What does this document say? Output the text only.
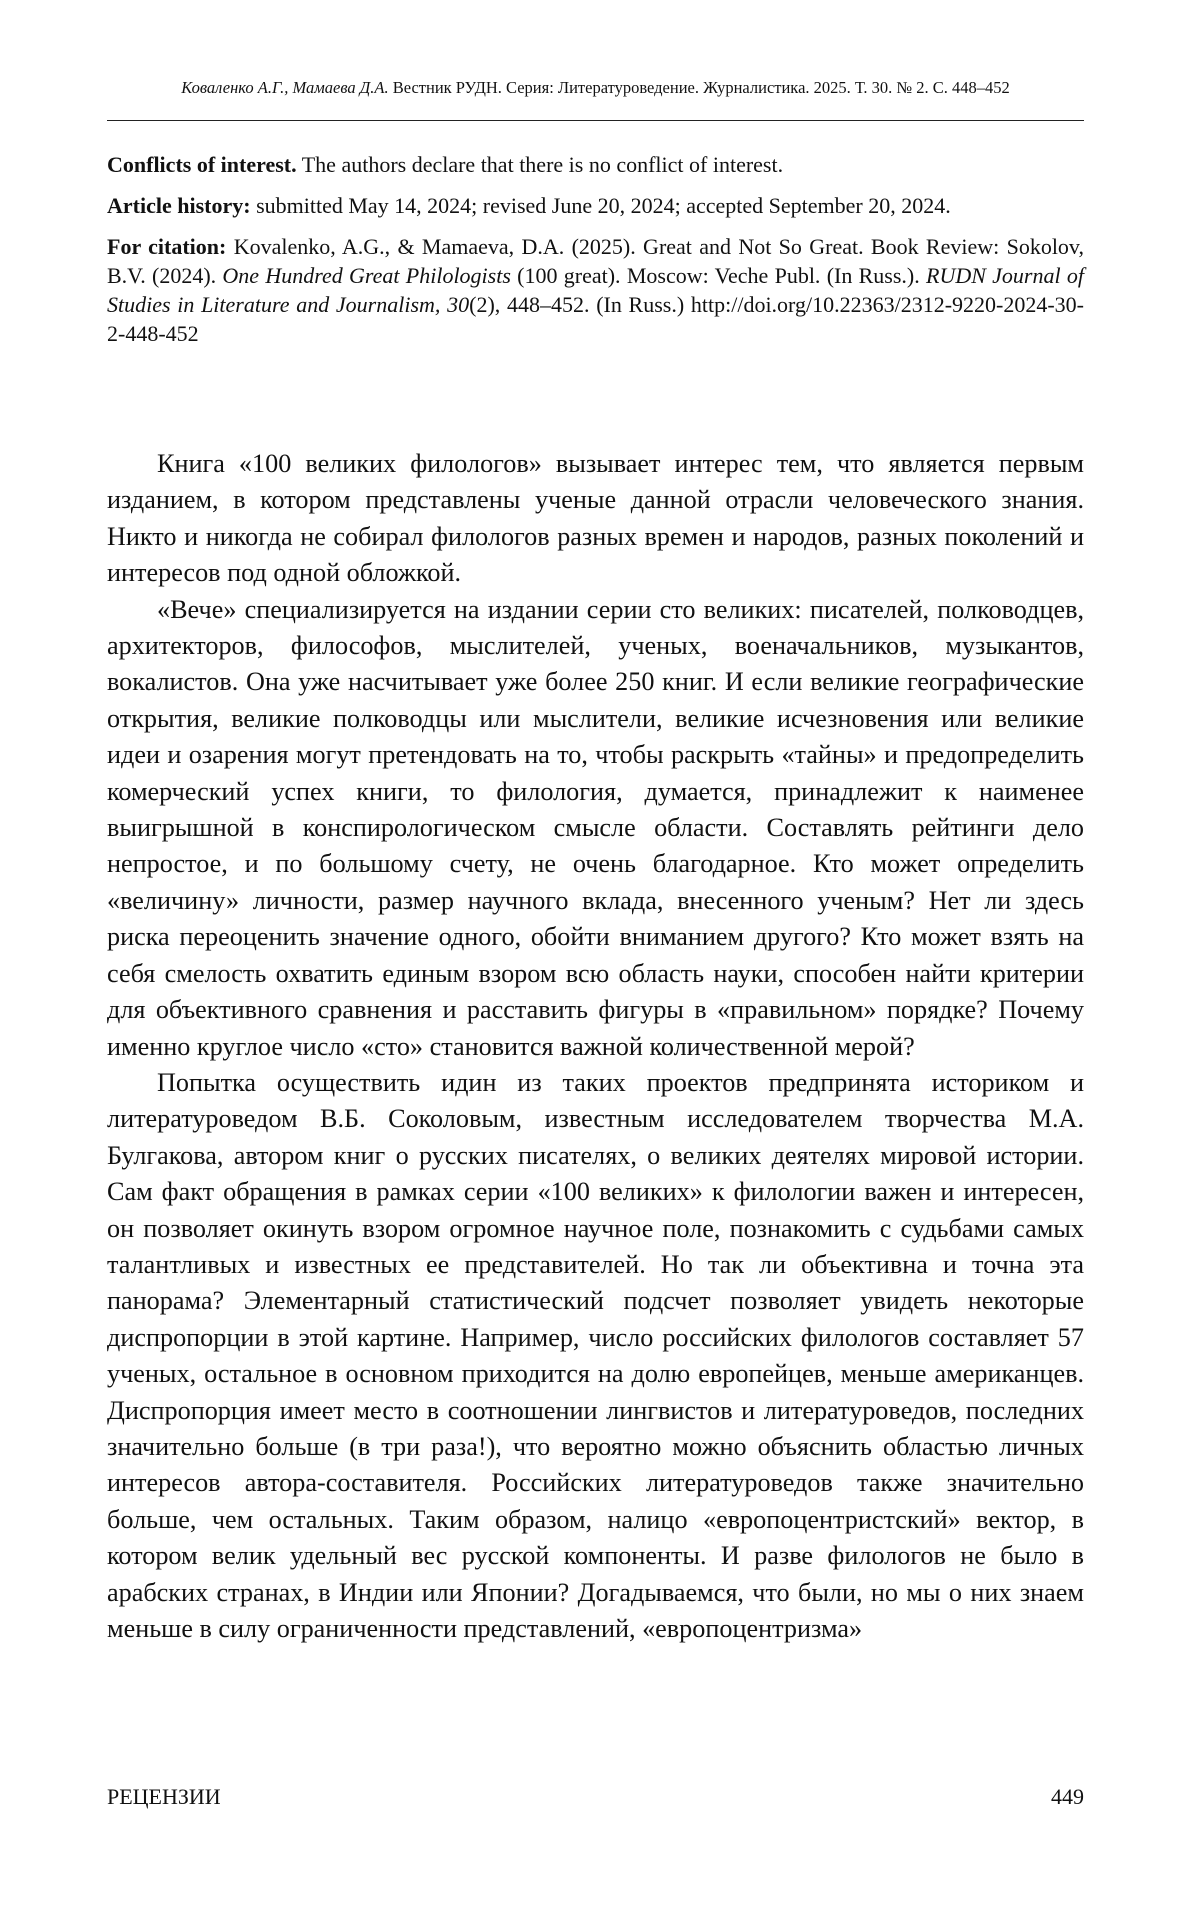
Коваленко А.Г., Мамаева Д.А. Вестник РУДН. Серия: Литературоведение. Журналистика. 2025. Т. 30. № 2. С. 448–452

Conflicts of interest. The authors declare that there is no conflict of interest.

Article history: submitted May 14, 2024; revised June 20, 2024; accepted September 20, 2024.

For citation: Kovalenko, A.G., & Mamaeva, D.A. (2025). Great and Not So Great. Book Review: Sokolov, B.V. (2024). One Hundred Great Philologists (100 great). Moscow: Veche Publ. (In Russ.). RUDN Journal of Studies in Literature and Journalism, 30(2), 448–452. (In Russ.) http://doi.org/10.22363/2312-9220-2024-30-2-448-452

Книга «100 великих филологов» вызывает интерес тем, что является первым изданием, в котором представлены ученые данной отрасли человеческого знания. Никто и никогда не собирал филологов разных времен и народов, разных поколений и интересов под одной обложкой.

«Вече» специализируется на издании серии сто великих: писателей, полководцев, архитекторов, философов, мыслителей, ученых, военачальников, музыкантов, вокалистов. Она уже насчитывает уже более 250 книг. И если великие географические открытия, великие полководцы или мыслители, великие исчезновения или великие идеи и озарения могут претендовать на то, чтобы раскрыть «тайны» и предопределить комерческий успех книги, то филология, думается, принадлежит к наименее выигрышной в конспирологическом смысле области. Составлять рейтинги дело непростое, и по большому счету, не очень благодарное. Кто может определить «величину» личности, размер научного вклада, внесенного ученым? Нет ли здесь риска переоценить значение одного, обойти вниманием другого? Кто может взять на себя смелость охватить единым взором всю область науки, способен найти критерии для объективного сравнения и расставить фигуры в «правильном» порядке? Почему именно круглое число «сто» становится важной количественной мерой?

Попытка осуществить идин из таких проектов предпринята историком и литературоведом В.Б. Соколовым, известным исследователем творчества М.А. Булгакова, автором книг о русских писателях, о великих деятелях мировой истории. Сам факт обращения в рамках серии «100 великих» к филологии важен и интересен, он позволяет окинуть взором огромное научное поле, познакомить с судьбами самых талантливых и известных ее представителей. Но так ли объективна и точна эта панорама? Элементарный статистический подсчет позволяет увидеть некоторые диспропорции в этой картине. Например, число российских филологов составляет 57 ученых, остальное в основном приходится на долю европейцев, меньше американцев. Диспропорция имеет место в соотношении лингвистов и литературоведов, последних значительно больше (в три раза!), что вероятно можно объяснить областью личных интересов автора-составителя. Российских литературоведов также значительно больше, чем остальных. Таким образом, налицо «европоцентристский» вектор, в котором велик удельный вес русской компоненты. И разве филологов не было в арабских странах, в Индии или Японии? Догадываемся, что были, но мы о них знаем меньше в силу ограниченности представлений, «европоцентризма»

РЕЦЕНЗИИ	449
